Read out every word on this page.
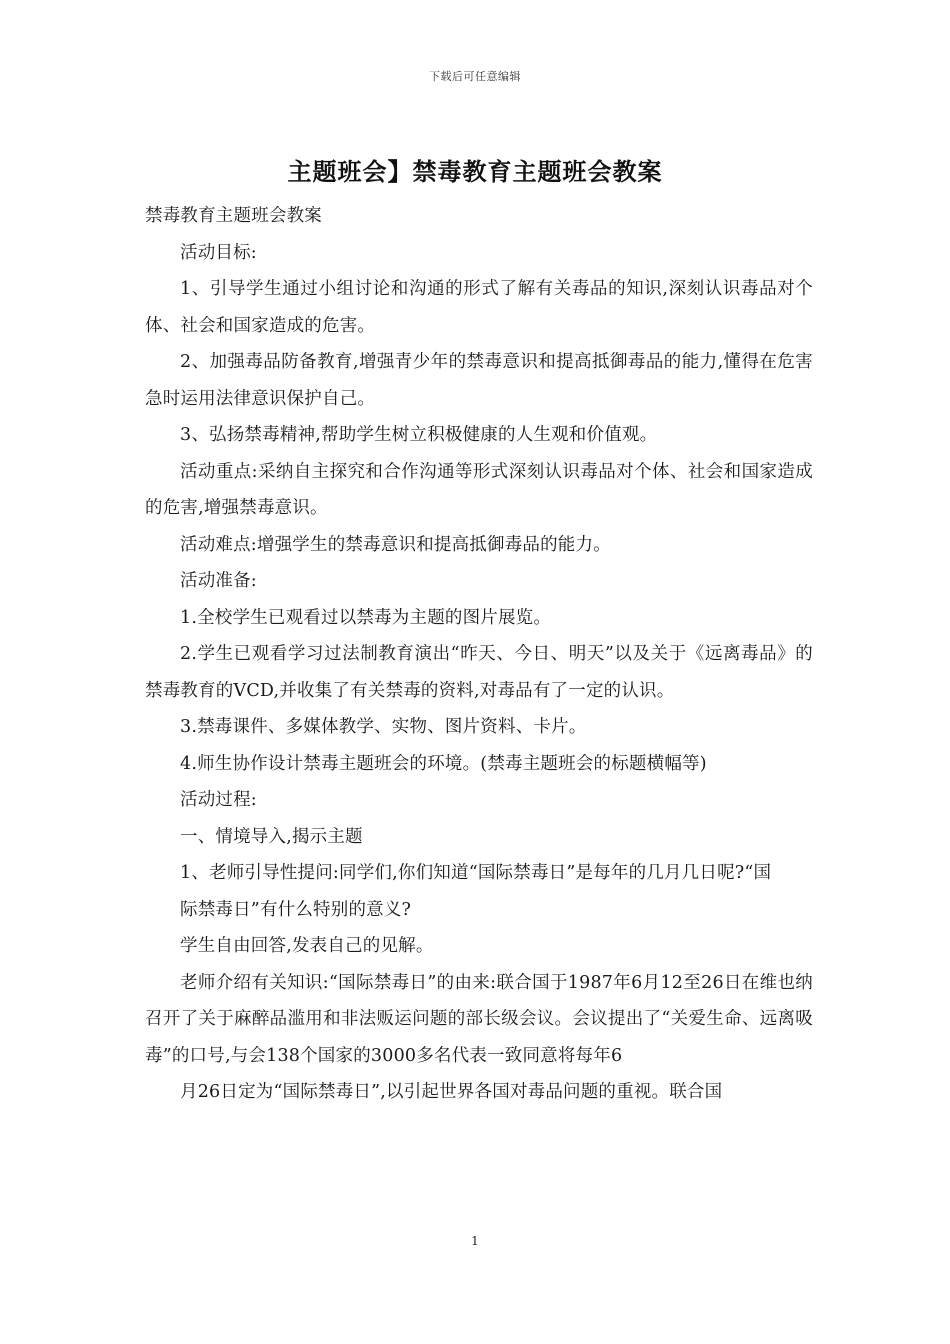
下载后可任意编辑
主题班会】禁毒教育主题班会教案

禁毒教育主题班会教案

活动目标:

1、引导学生通过小组讨论和沟通的形式了解有关毒品的知识,深刻认识毒品对个体、社会和国家造成的危害。

2、加强毒品防备教育,增强青少年的禁毒意识和提高抵御毒品的能力,懂得在危害急时运用法律意识保护自己。

3、弘扬禁毒精神,帮助学生树立积极健康的人生观和价值观。

活动重点:采纳自主探究和合作沟通等形式深刻认识毒品对个体、社会和国家造成的危害,增强禁毒意识。

活动难点:增强学生的禁毒意识和提高抵御毒品的能力。

活动准备:

1.全校学生已观看过以禁毒为主题的图片展览。

2.学生已观看学习过法制教育演出“昨天、今日、明天”以及关于《远离毒品》的禁毒教育的VCD,并收集了有关禁毒的资料,对毒品有了一定的认识。

3.禁毒课件、多媒体教学、实物、图片资料、卡片。

4.师生协作设计禁毒主题班会的环境。(禁毒主题班会的标题横幅等)

活动过程:

一、情境导入,揭示主题

1、老师引导性提问:同学们,你们知道“国际禁毒日”是每年的几月几日呢?“国

际禁毒日”有什么特别的意义?

学生自由回答,发表自己的见解。

老师介绍有关知识:“国际禁毒日”的由来:联合国于1987年6月12至26日在维也纳召开了关于麻醉品滥用和非法贩运问题的部长级会议。会议提出了“关爱生命、远离吸毒”的口号,与会138个国家的3000多名代表一致同意将每年6

月26日定为“国际禁毒日”,以引起世界各国对毒品问题的重视。联合国

1
